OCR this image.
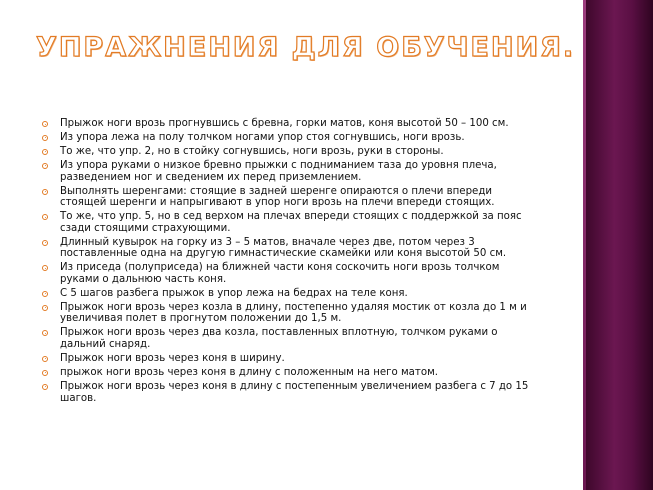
УПРАЖНЕНИЯ ДЛЯ ОБУЧЕНИЯ.
Прыжок ноги врозь прогнувшись с бревна, горки матов, коня высотой 50 – 100 см.
Из упора лежа на полу толчком ногами упор стоя согнувшись, ноги врозь.
То же, что упр. 2, но в стойку согнувшись, ноги врозь, руки в стороны.
Из упора руками о низкое бревно прыжки с подниманием таза до уровня плеча, разведением ног и сведением их перед приземлением.
Выполнять шеренгами: стоящие в задней шеренге опираются о плечи впереди стоящей шеренги и напрыгивают в упор ноги врозь на плечи впереди стоящих.
То же, что упр. 5, но в сед верхом на плечах впереди стоящих с поддержкой за пояс сзади стоящими страхующими.
Длинный кувырок на горку из 3 – 5 матов, вначале через две, потом через 3 поставленные одна на другую гимнастические скамейки или коня высотой 50 см.
Из приседа (полуприседа) на ближней части коня соскочить ноги врозь толчком руками о дальнюю часть коня.
С 5 шагов разбега прыжок в упор лежа на бедрах на теле коня.
Прыжок ноги врозь через козла в длину, постепенно удаляя мостик от козла до 1 м и увеличивая полет в прогнутом положении до 1,5 м.
Прыжок ноги врозь через два козла, поставленных вплотную, толчком руками о дальний снаряд.
Прыжок ноги врозь через коня в ширину.
прыжок ноги врозь через коня в длину с положенным на него матом.
Прыжок ноги врозь через коня в длину с постепенным увеличением разбега с 7 до 15 шагов.
